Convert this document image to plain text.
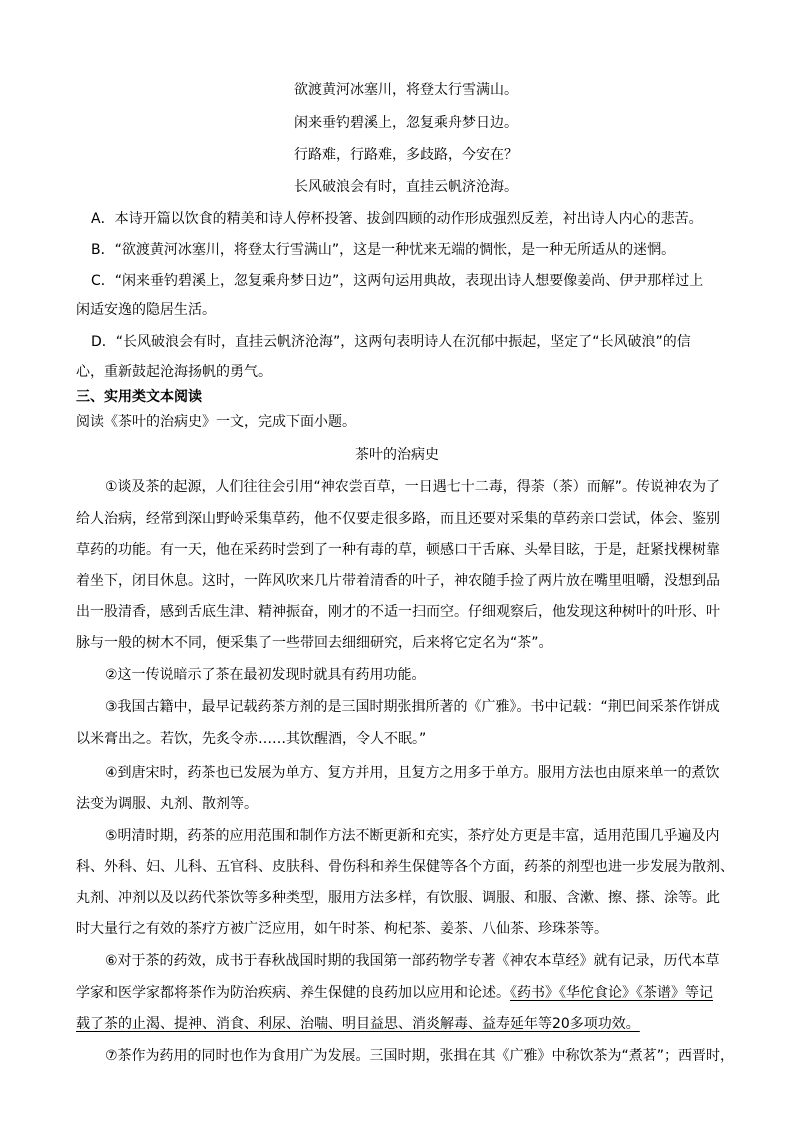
欲渡黄河冰塞川，将登太行雪满山。
闲来垂钓碧溪上，忽复乘舟梦日边。
行路难，行路难，多歧路，今安在？
长风破浪会有时，直挂云帆济沧海。
A．本诗开篇以饮食的精美和诗人停杯投箸、拔剑四顾的动作形成强烈反差，衬出诗人内心的悲苦。
B．“欲渡黄河冰塞川，将登太行雪满山”，这是一种忧来无端的惆怅，是一种无所适从的迷惘。
C．“闲来垂钓碧溪上，忽复乘舟梦日边”，这两句运用典故，表现出诗人想要像姜尚、伊尹那样过上
闲适安逸的隐居生活。
D．“长风破浪会有时，直挂云帆济沧海”，这两句表明诗人在沉郁中振起，坚定了“长风破浪”的信
心，重新鼓起沧海扬帆的勇气。
三、实用类文本阅读
阅读《茶叶的治病史》一文，完成下面小题。
茶叶的治病史
①谈及茶的起源，人们往往会引用“神农尝百草，一日遇七十二毒，得荼（茶）而解”。传说神农为了
给人治病，经常到深山野岭采集草药，他不仅要走很多路，而且还要对采集的草药亲口尝试，体会、鉴别
草药的功能。有一天，他在采药时尝到了一种有毒的草，顿感口干舌麻、头晕目眩，于是，赶紧找棵树靠
着坐下，闭目休息。这时，一阵风吹来几片带着清香的叶子，神农随手捡了两片放在嘴里咀嚼，没想到品
出一股清香，感到舌底生津、精神振奋，刚才的不适一扫而空。仔细观察后，他发现这种树叶的叶形、叶
脉与一般的树木不同，便采集了一些带回去细细研究，后来将它定名为“茶”。
②这一传说暗示了茶在最初发现时就具有药用功能。
③我国古籍中，最早记载药茶方剂的是三国时期张揖所著的《广雅》。书中记载：“荆巴间采茶作饼成
以米膏出之。若饮，先炙令赤……其饮醒酒，令人不眠。”
④到唐宋时，药茶也已发展为单方、复方并用，且复方之用多于单方。服用方法也由原来单一的煮饮
法变为调服、丸剂、散剂等。
⑤明清时期，药茶的应用范围和制作方法不断更新和充实，茶疗处方更是丰富，适用范围几乎遍及内
科、外科、妇、儿科、五官科、皮肤科、骨伤科和养生保健等各个方面，药茶的剂型也进一步发展为散剂、
丸剂、冲剂以及以药代茶饮等多种类型，服用方法多样，有饮服、调服、和服、含漱、擦、搽、涂等。此
时大量行之有效的茶疗方被广泛应用，如午时茶、枸杞茶、姜茶、八仙茶、珍珠茶等。
⑥对于茶的药效，成书于春秋战国时期的我国第一部药物学专著《神农本草经》就有记录，历代本草
学家和医学家都将茶作为防治疾病、养生保健的良药加以应用和论述。《药书》《华佗食论》《茶谱》等记
载了茶的止渴、提神、消食、利尿、治喘、明目益思、消炎解毒、益寿延年等20多项功效。
⑦茶作为药用的同时也作为食用广为发展。三国时期，张揖在其《广雅》中称饮茶为“煮茗”；西晋时，
